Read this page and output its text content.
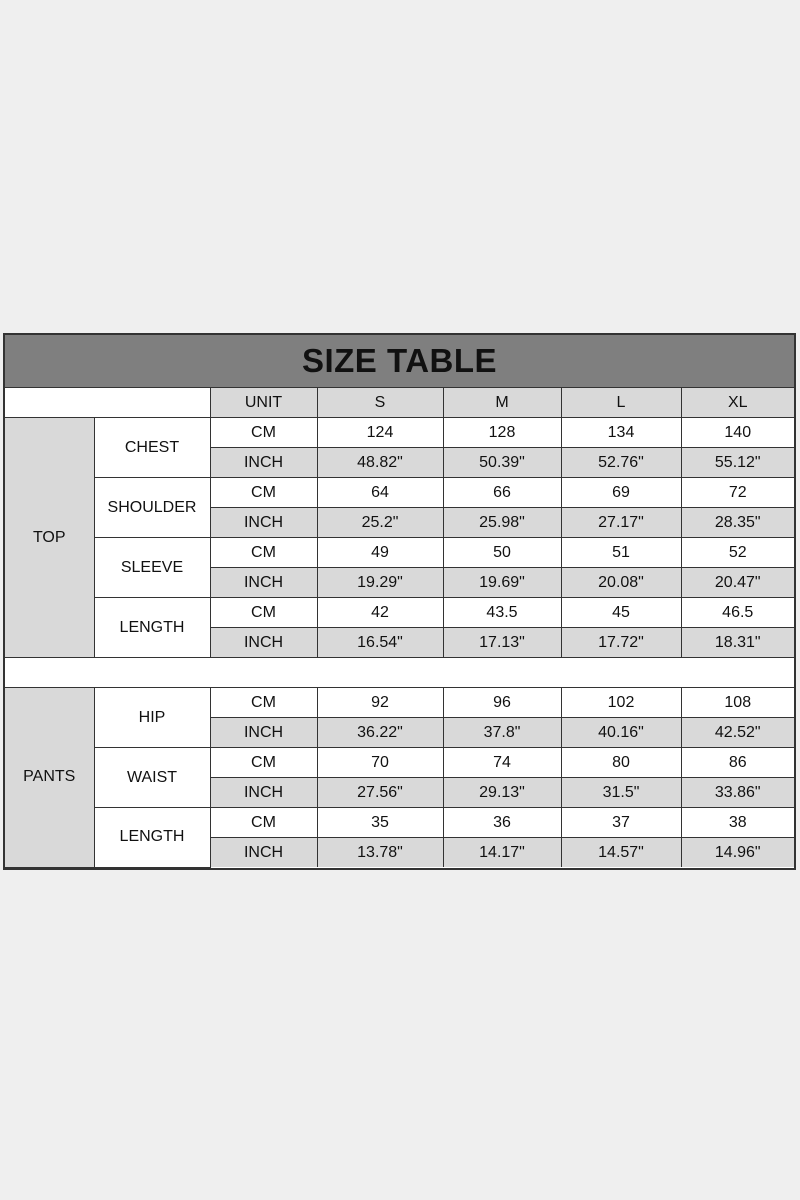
SIZE TABLE
		UNIT	S	M	L	XL
TOP	CHEST	CM	124	128	134	140
		INCH	48.82"	50.39"	52.76"	55.12"
	SHOULDER	CM	64	66	69	72
		INCH	25.2"	25.98"	27.17"	28.35"
	SLEEVE	CM	49	50	51	52
		INCH	19.29"	19.69"	20.08"	20.47"
	LENGTH	CM	42	43.5	45	46.5
		INCH	16.54"	17.13"	17.72"	18.31"

PANTS	HIP	CM	92	96	102	108
		INCH	36.22"	37.8"	40.16"	42.52"
	WAIST	CM	70	74	80	86
		INCH	27.56"	29.13"	31.5"	33.86"
	LENGTH	CM	35	36	37	38
		INCH	13.78"	14.17"	14.57"	14.96"
